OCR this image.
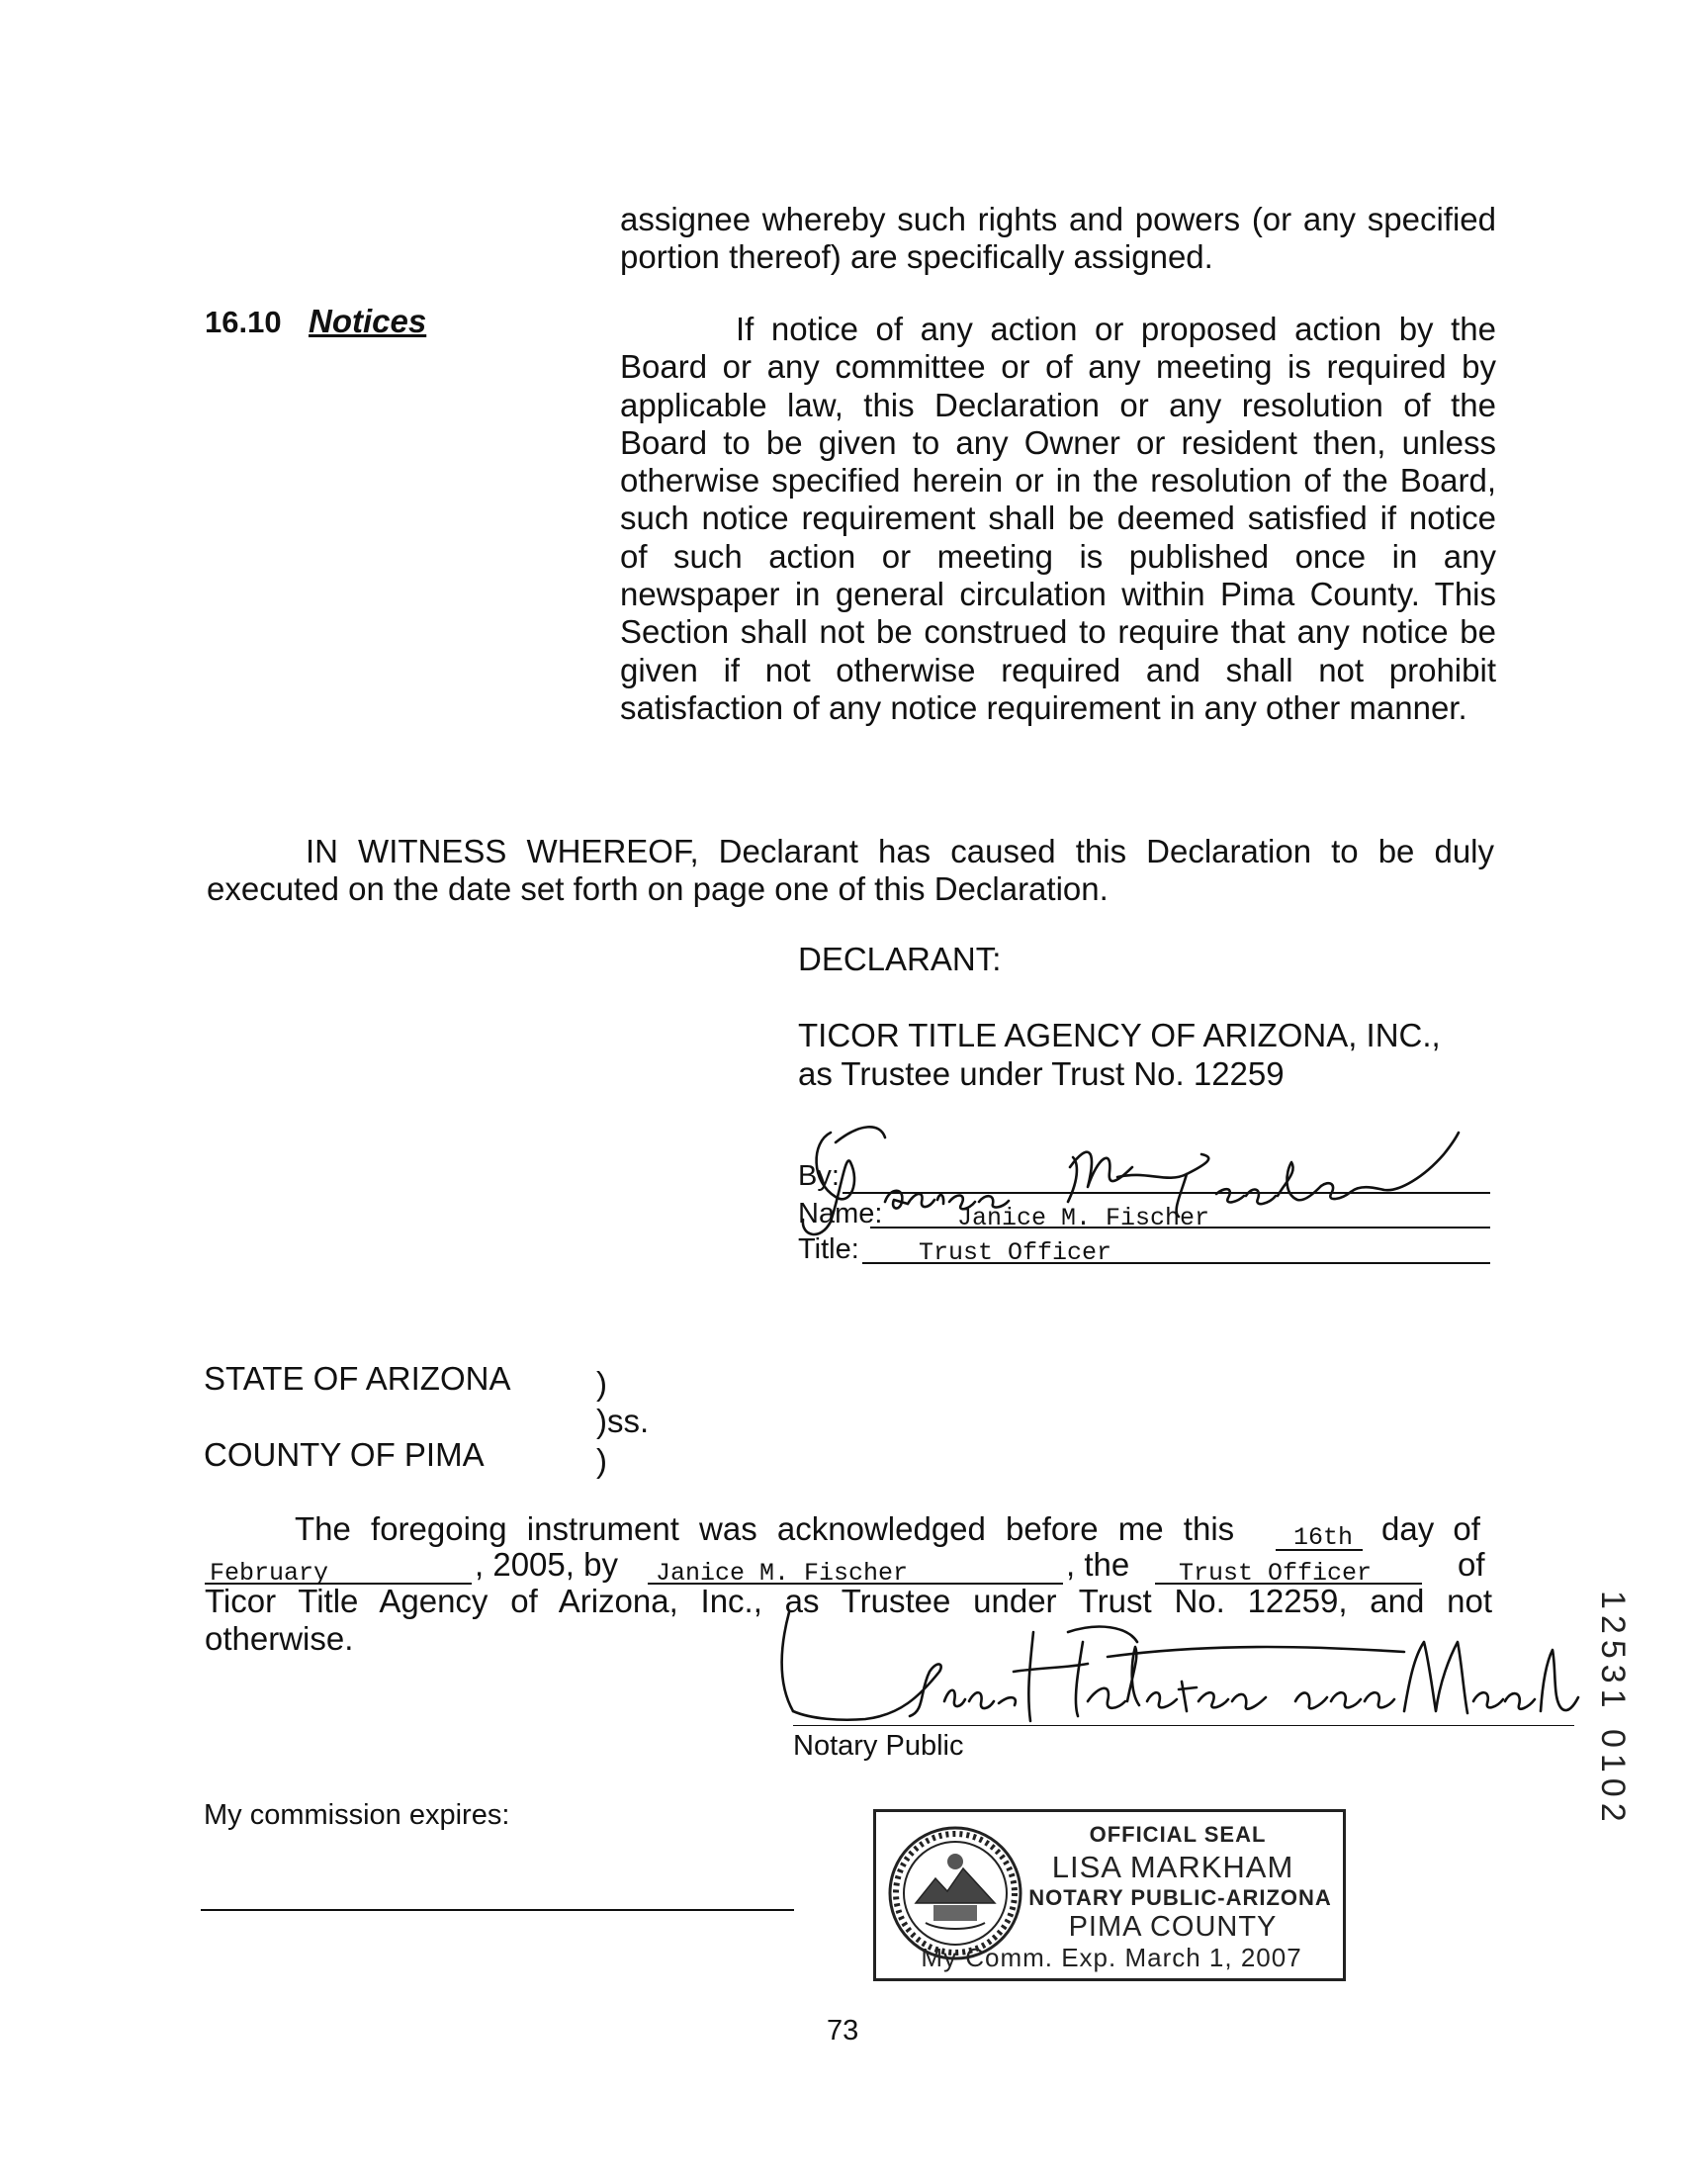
assignee whereby such rights and powers (or any specified
portion thereof) are specifically assigned.
16.10 Notices	If notice of any action or proposed action by the
Board or any committee or of any meeting is required by
applicable law, this Declaration or any resolution of the
Board to be given to any Owner or resident then, unless
otherwise specified herein or in the resolution of the Board,
such notice requirement shall be deemed satisfied if notice
of such action or meeting is published once in any
newspaper in general circulation within Pima County. This
Section shall not be construed to require that any notice be
given if not otherwise required and shall not prohibit
satisfaction of any notice requirement in any other manner.
IN WITNESS WHEREOF, Declarant has caused this Declaration to be duly
executed on the date set forth on page one of this Declaration.
DECLARANT:
TICOR TITLE AGENCY OF ARIZONA, INC.,
as Trustee under Trust No. 12259
By:
Name:	Janice M. Fischer
Title: Trust Officer
STATE OF ARIZONA	)
)ss.
COUNTY OF PIMA	)
The foregoing instrument was acknowledged before me this 16th day of
February	, 2005, by Janice M. Fischer	, the Trust Officer	of
Ticor Title Agency of Arizona, Inc., as Trustee under Trust No. 12259, and not
otherwise.
Notary Public
My commission expires:
OFFICIAL SEAL
LISA MARKHAM
NOTARY PUBLIC-ARIZONA
PIMA COUNTY
My Comm. Exp. March 1, 2007
73
12531 0102
